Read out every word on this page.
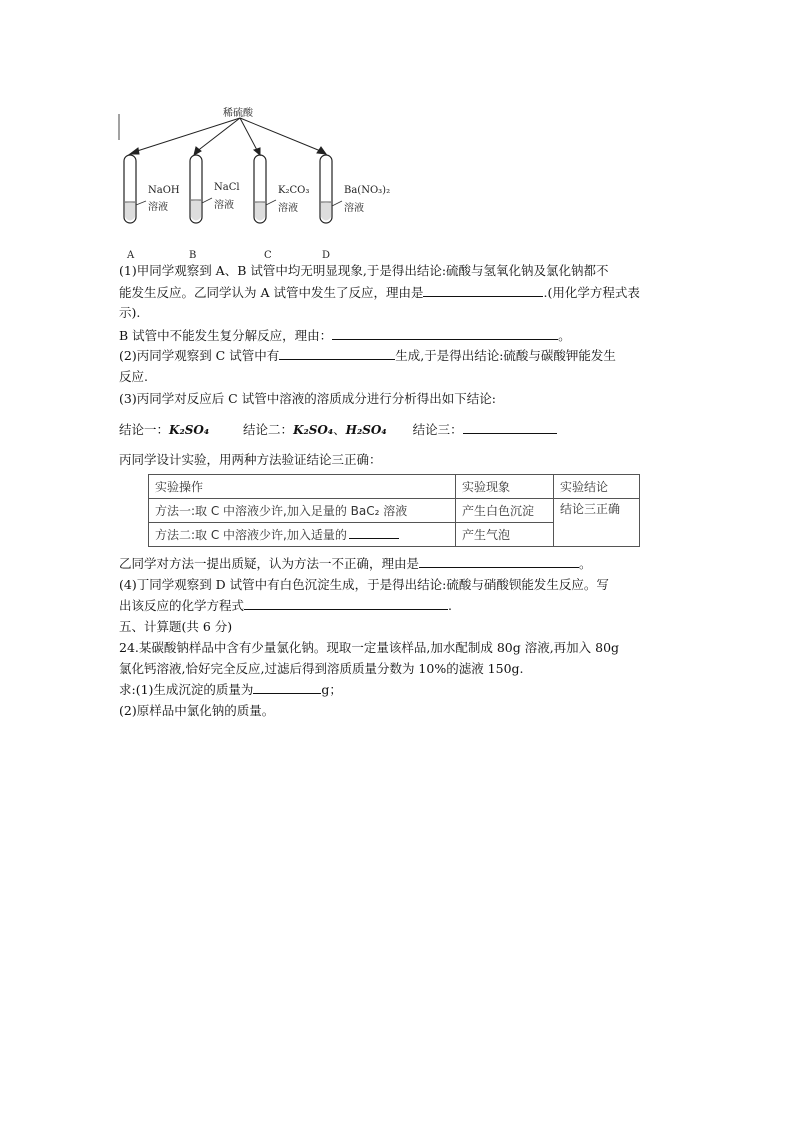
稀硫酸
NaOH
溶液
NaCl
溶液
K₂CO₃
溶液
Ba(NO₃)₂
溶液
A	B	C	D
(1)甲同学观察到 A、B 试管中均无明显现象,于是得出结论:硫酸与氢氧化钠及氯化钠都不
能发生反应。乙同学认为 A 试管中发生了反应，理由是	.(用化学方程式表
示).
B 试管中不能发生复分解反应，理由：	。
(2)丙同学观察到 C 试管中有	生成,于是得出结论:硫酸与碳酸钾能发生
反应.
(3)丙同学对反应后 C 试管中溶液的溶质成分进行分析得出如下结论:
结论一：K₂SO₄	结论二：K₂SO₄、H₂SO₄ 结论三：
丙同学设计实验，用两种方法验证结论三正确：
实验操作	实验现象	实验结论
方法一:取 C 中溶液少许,加入足量的 BaC₂ 溶液	产生白色沉淀	结论三正确
方法二:取 C 中溶液少许,加入适量的	产生气泡	
乙同学对方法一提出质疑，认为方法一不正确，理由是	。
(4)丁同学观察到 D 试管中有白色沉淀生成，于是得出结论:硫酸与硝酸钡能发生反应。写
出该反应的化学方程式	.
五、计算题(共 6 分)
24.某碳酸钠样品中含有少量氯化钠。现取一定量该样品,加水配制成 80g 溶液,再加入 80g
氯化钙溶液,恰好完全反应,过滤后得到溶质质量分数为 10%的滤液 150g.
求:(1)生成沉淀的质量为	g；
(2)原样品中氯化钠的质量。
